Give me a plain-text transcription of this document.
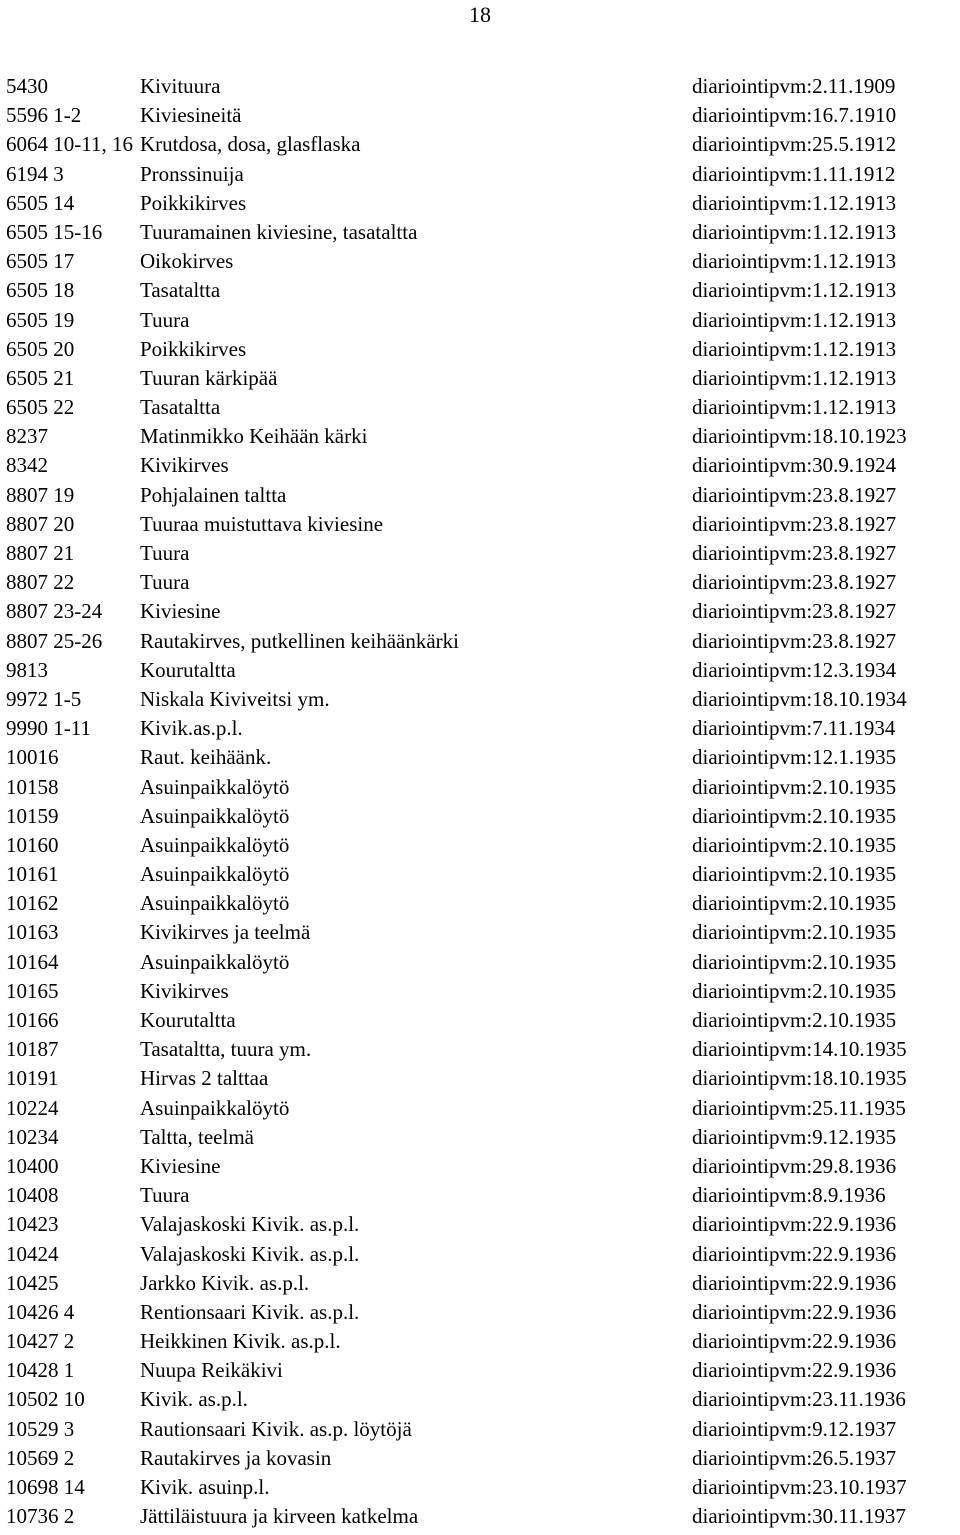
18
5430	Kivituura	diariointipvm:2.11.1909
5596 1-2	Kiviesineitä	diariointipvm:16.7.1910
6064 10-11, 16 Krutdosa, dosa, glasflaska	diariointipvm:25.5.1912
6194 3	Pronssinuija	diariointipvm:1.11.1912
6505 14	Poikkikirves	diariointipvm:1.12.1913
6505 15-16 Tuuramainen kiviesine, tasataltta	diariointipvm:1.12.1913
6505 17	Oikokirves	diariointipvm:1.12.1913
6505 18	Tasataltta	diariointipvm:1.12.1913
6505 19	Tuura	diariointipvm:1.12.1913
6505 20	Poikkikirves	diariointipvm:1.12.1913
6505 21	Tuuran kärkipää	diariointipvm:1.12.1913
6505 22	Tasataltta	diariointipvm:1.12.1913
8237	Matinmikko Keihään kärki	diariointipvm:18.10.1923
8342	Kivikirves	diariointipvm:30.9.1924
8807 19	Pohjalainen taltta	diariointipvm:23.8.1927
8807 20	Tuuraa muistuttava kiviesine	diariointipvm:23.8.1927
8807 21	Tuura	diariointipvm:23.8.1927
8807 22	Tuura	diariointipvm:23.8.1927
8807 23-24 Kiviesine	diariointipvm:23.8.1927
8807 25-26 Rautakirves, putkellinen keihäänkärki	diariointipvm:23.8.1927
9813	Kourutaltta	diariointipvm:12.3.1934
9972 1-5	Niskala Kiviveitsi ym.	diariointipvm:18.10.1934
9990 1-11 Kivik.as.p.l.	diariointipvm:7.11.1934
10016	Raut. keihäänk.	diariointipvm:12.1.1935
10158	Asuinpaikkalöytö	diariointipvm:2.10.1935
10159	Asuinpaikkalöytö	diariointipvm:2.10.1935
10160	Asuinpaikkalöytö	diariointipvm:2.10.1935
10161	Asuinpaikkalöytö	diariointipvm:2.10.1935
10162	Asuinpaikkalöytö	diariointipvm:2.10.1935
10163	Kivikirves ja teelmä	diariointipvm:2.10.1935
10164	Asuinpaikkalöytö	diariointipvm:2.10.1935
10165	Kivikirves	diariointipvm:2.10.1935
10166	Kourutaltta	diariointipvm:2.10.1935
10187	Tasataltta, tuura ym.	diariointipvm:14.10.1935
10191	Hirvas 2 talttaa	diariointipvm:18.10.1935
10224	Asuinpaikkalöytö	diariointipvm:25.11.1935
10234	Taltta, teelmä	diariointipvm:9.12.1935
10400	Kiviesine	diariointipvm:29.8.1936
10408	Tuura	diariointipvm:8.9.1936
10423	Valajaskoski Kivik. as.p.l.	diariointipvm:22.9.1936
10424	Valajaskoski Kivik. as.p.l.	diariointipvm:22.9.1936
10425	Jarkko Kivik. as.p.l.	diariointipvm:22.9.1936
10426 4	Rentionsaari Kivik. as.p.l.	diariointipvm:22.9.1936
10427 2	Heikkinen Kivik. as.p.l.	diariointipvm:22.9.1936
10428 1	Nuupa Reikäkivi	diariointipvm:22.9.1936
10502 10	Kivik. as.p.l.	diariointipvm:23.11.1936
10529 3	Rautionsaari Kivik. as.p. löytöjä	diariointipvm:9.12.1937
10569 2	Rautakirves ja kovasin	diariointipvm:26.5.1937
10698 14	Kivik. asuinp.l.	diariointipvm:23.10.1937
10736 2	Jättiläistuura ja kirveen katkelma	diariointipvm:30.11.1937
